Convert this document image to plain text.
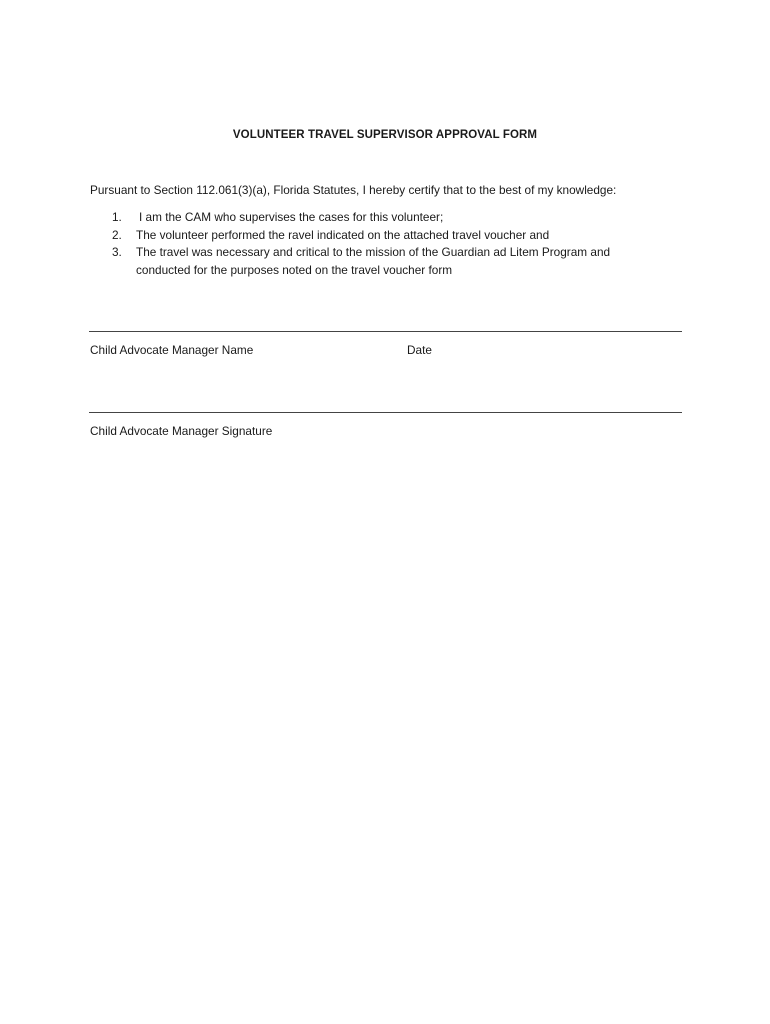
VOLUNTEER TRAVEL SUPERVISOR APPROVAL FORM
Pursuant to Section 112.061(3)(a), Florida Statutes, I hereby certify that to the best of my knowledge:
1. I am the CAM who supervises the cases for this volunteer;
2. The volunteer performed the ravel indicated on the attached travel voucher and
3. The travel was necessary and critical to the mission of the Guardian ad Litem Program and
conducted for the purposes noted on the travel voucher form
Child Advocate Manager Name	Date
Child Advocate Manager Signature
